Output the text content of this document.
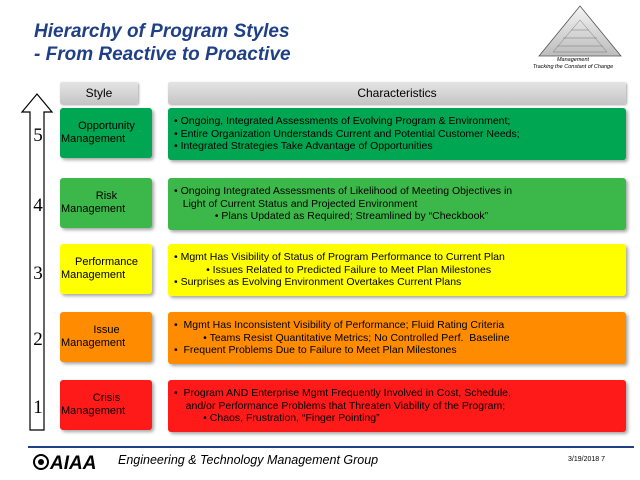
Hierarchy of Program Styles
- From Reactive to Proactive	Management
Tracking the Constant of Change
Style	Characteristics
5	Opportunity
Management
• Ongoing, Integrated Assessments of Evolving Program & Environment;
• Entire Organization Understands Current and Potential Customer Needs;
• Integrated Strategies Take Advantage of Opportunities
4	Risk
Management
• Ongoing Integrated Assessments of Likelihood of Meeting Objectives in
Light of Current Status and Projected Environment
• Plans Updated as Required; Streamlined by “Checkbook”
3
Performance
Management
• Mgmt Has Visibility of Status of Program Performance to Current Plan
• Issues Related to Predicted Failure to Meet Plan Milestones
• Surprises as Evolving Environment Overtakes Current Plans
2	Issue
Management
•  Mgmt Has Inconsistent Visibility of Performance; Fluid Rating Criteria
• Teams Resist Quantitative Metrics; No Controlled Perf.  Baseline
•  Frequent Problems Due to Failure to Meet Plan Milestones
1	Crisis
Management
•  Program AND Enterprise Mgmt Frequently Involved in Cost, Schedule,
and/or Performance Problems that Threaten Viability of the Program;
• Chaos, Frustration, “Finger Pointing”
AIAA Engineering & Technology Management Group	3/19/2018 7
